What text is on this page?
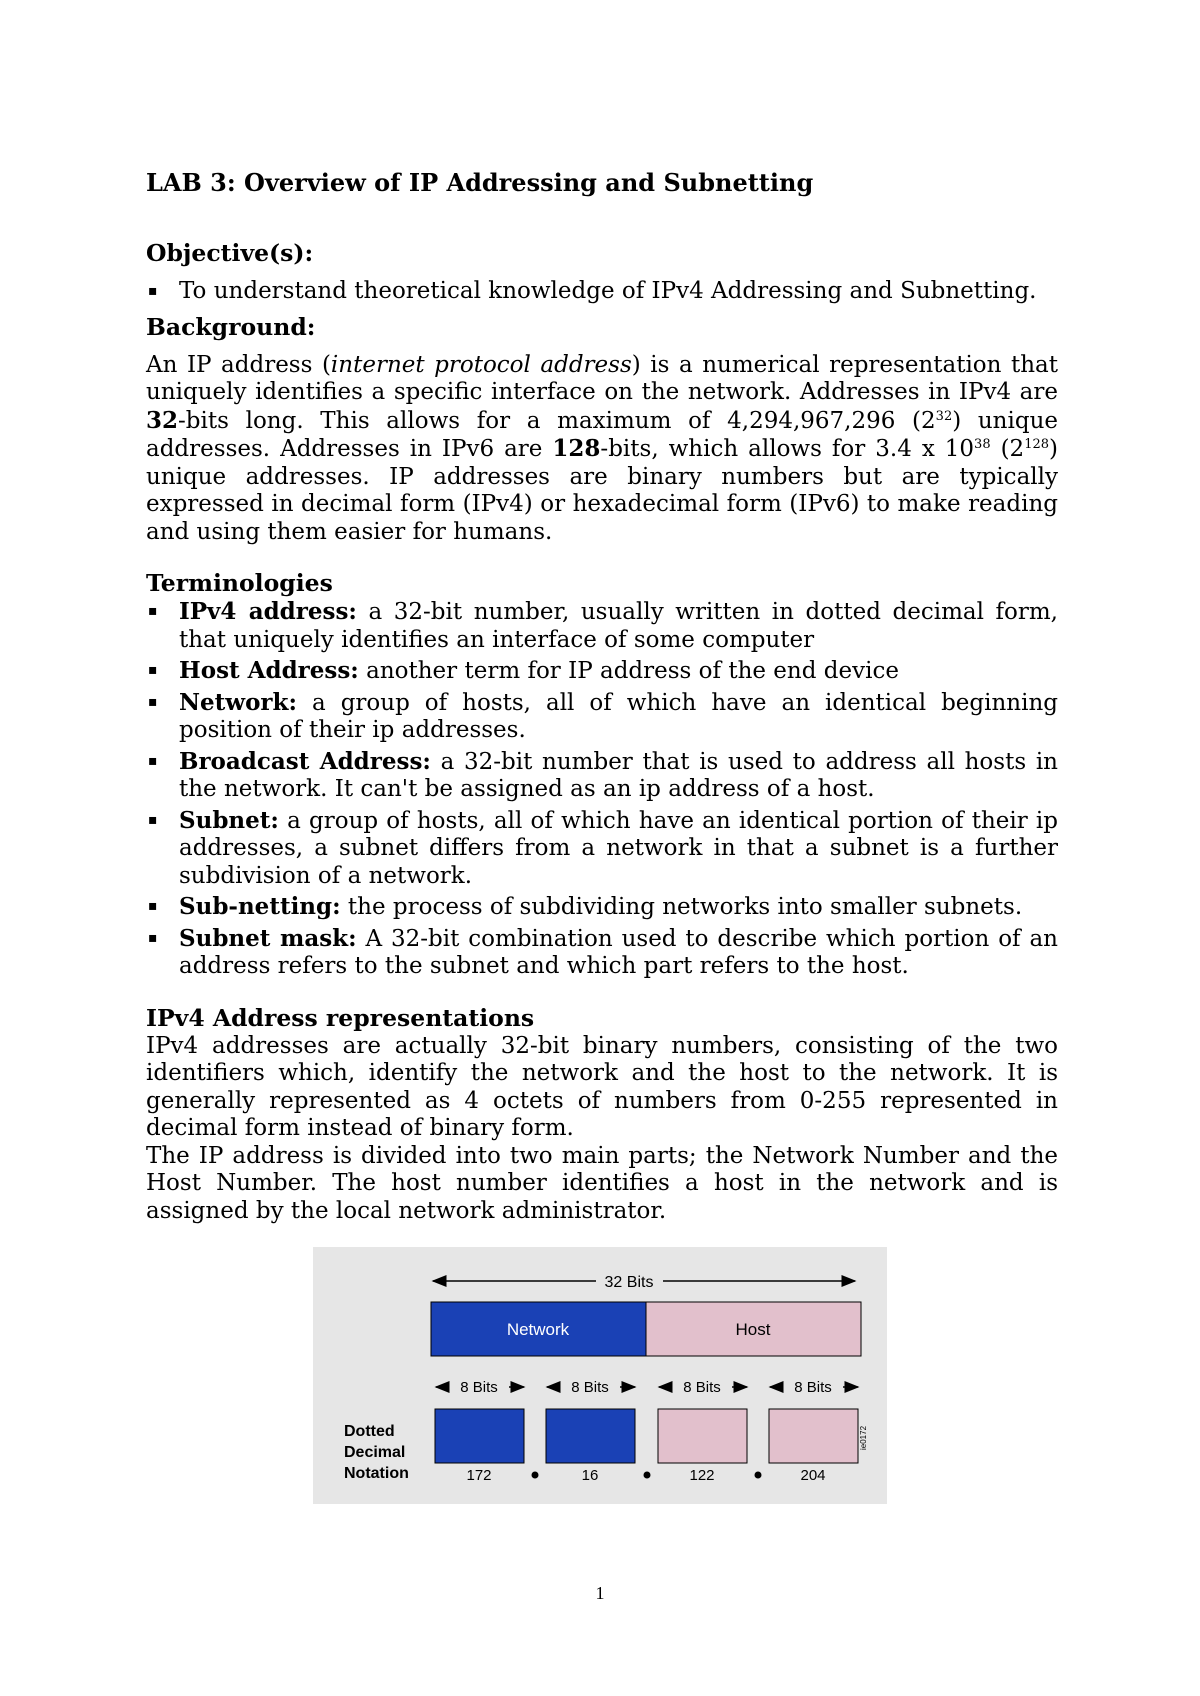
LAB 3: Overview of IP Addressing and Subnetting
Objective(s):
▪ To understand theoretical knowledge of IPv4 Addressing and Subnetting.
Background:

An IP address (internet protocol address) is a numerical representation that uniquely identifies a specific interface on the network. Addresses in IPv4 are 32-bits long. This allows for a maximum of 4,294,967,296 $(2^{32})$ unique addresses. Addresses in IPv6 are 128-bits, which allows for 3.4 x $10^{38}$ $(2^{128})$ unique addresses. IP addresses are binary numbers but are typically expressed in decimal form (IPv4) or hexadecimal form (IPv6) to make reading and using them easier for humans.

Terminologies
▪ IPv4 address: a 32-bit number, usually written in dotted decimal form, that uniquely identifies an interface of some computer
▪ Host Address: another term for IP address of the end device
▪ Network: a group of hosts, all of which have an identical beginning position of their ip addresses.
▪ Broadcast Address: a 32-bit number that is used to address all hosts in the network. It can't be assigned as an ip address of a host.
▪ Subnet: a group of hosts, all of which have an identical portion of their ip addresses, a subnet differs from a network in that a subnet is a further subdivision of a network.
▪ Sub-netting: the process of subdividing networks into smaller subnets.
▪ Subnet mask: A 32-bit combination used to describe which portion of an address refers to the subnet and which part refers to the host.
IPv4 Address representations

IPv4 addresses are actually 32-bit binary numbers, consisting of the two identifiers which, identify the network and the host to the network. It is generally represented as 4 octets of numbers from 0-255 represented in decimal form instead of binary form.

The IP address is divided into two main parts; the Network Number and the Host Number. The host number identifies a host in the network and is assigned by the local network administrator.

32 Bits
Network	Host
8 Bits	8 Bits	8 Bits	8 Bits
ie0172
Dotted
Decimal
Notation	172	16	122	204
1
